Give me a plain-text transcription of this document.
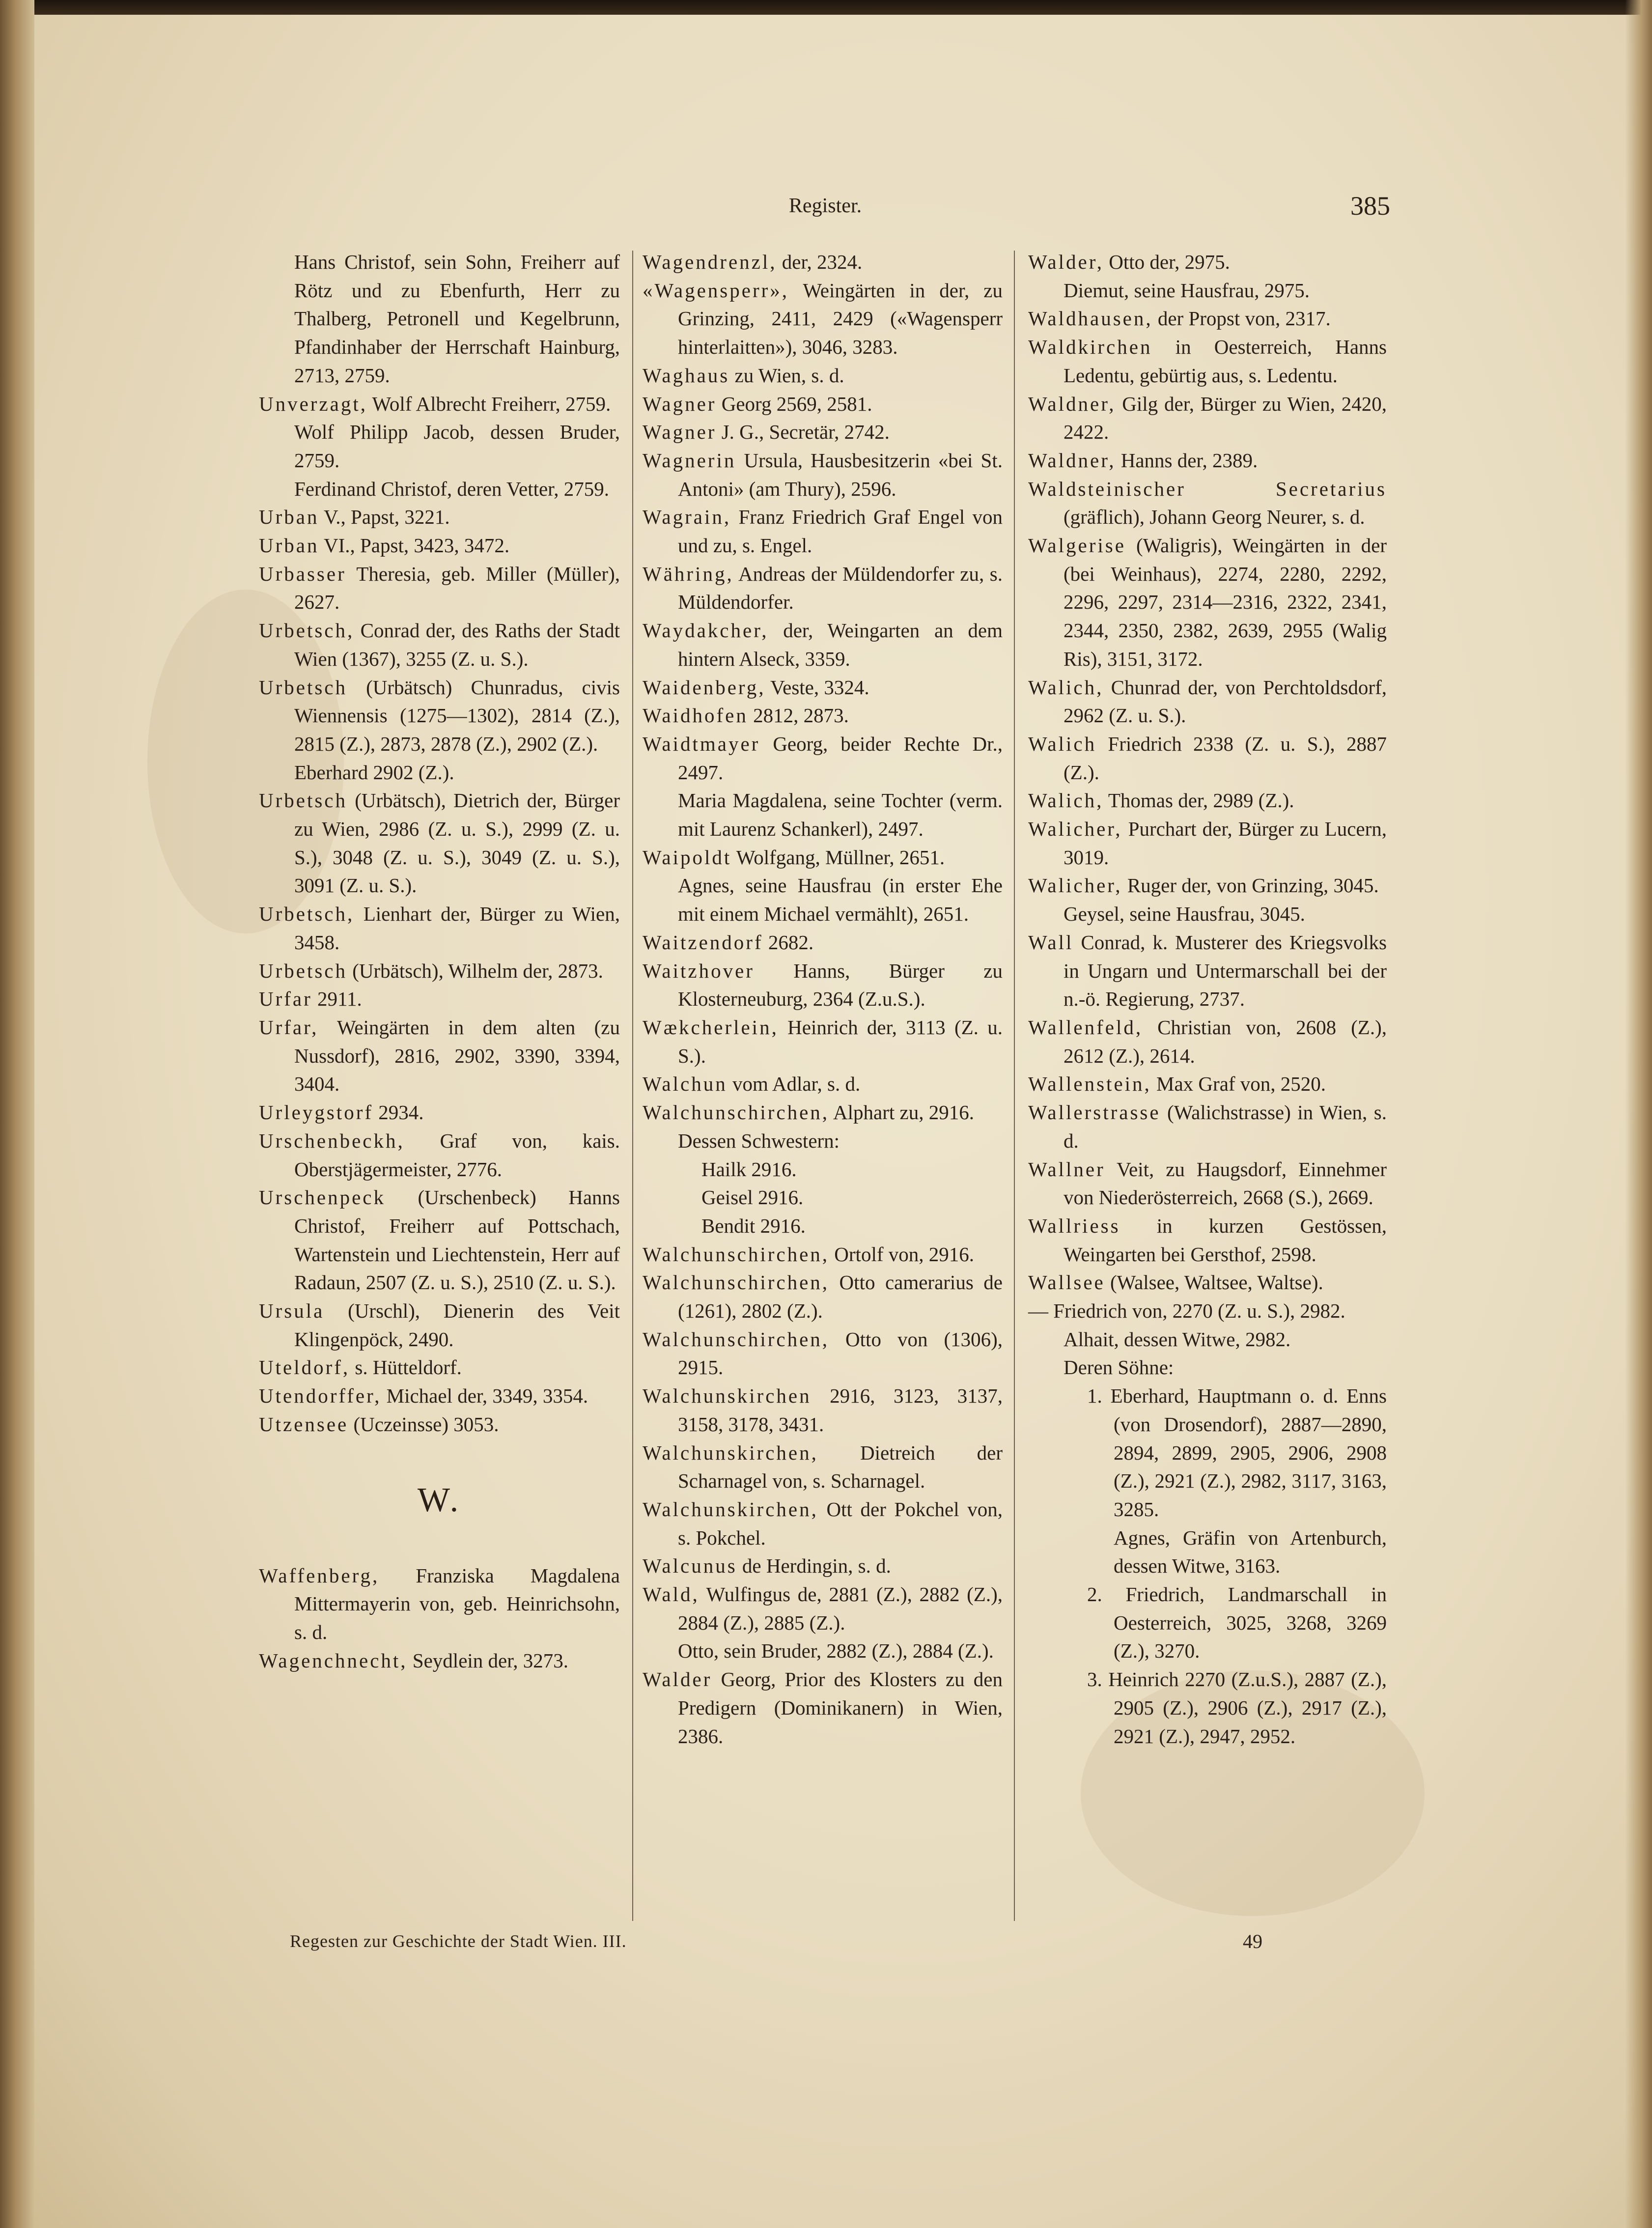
Register.	385
Hans Christof, sein Sohn, Freiherr auf Rötz und zu Ebenfurth, Herr zu Thalberg, Petronell und Kegelbrunn, Pfandinhaber der Herrschaft Hainburg, 2713, 2759.
Unverzagt, Wolf Albrecht Freiherr, 2759.
Wolf Philipp Jacob, dessen Bruder, 2759.
Ferdinand Christof, deren Vetter, 2759.
Urban V., Papst, 3221.
Urban VI., Papst, 3423, 3472.
Urbasser Theresia, geb. Miller (Müller), 2627.
Urbetsch, Conrad der, des Raths der Stadt Wien (1367), 3255 (Z. u. S.).
Urbetsch (Urbätsch) Chunradus, civis Wiennensis (1275—1302), 2814 (Z.), 2815 (Z.), 2873, 2878 (Z.), 2902 (Z.).
Eberhard 2902 (Z.).
Urbetsch (Urbätsch), Dietrich der, Bürger zu Wien, 2986 (Z. u. S.), 2999 (Z. u. S.), 3048 (Z. u. S.), 3049 (Z. u. S.), 3091 (Z. u. S.).
Urbetsch, Lienhart der, Bürger zu Wien, 3458.
Urbetsch (Urbätsch), Wilhelm der, 2873.
Urfar 2911.
Urfar, Weingärten in dem alten (zu Nussdorf), 2816, 2902, 3390, 3394, 3404.
Urleygstorf 2934.
Urschenbeckh, Graf von, kais. Oberstjägermeister, 2776.
Urschenpeck (Urschenbeck) Hanns Christof, Freiherr auf Pottschach, Wartenstein und Liechtenstein, Herr auf Radaun, 2507 (Z. u. S.), 2510 (Z. u. S.).
Ursula (Urschl), Dienerin des Veit Klingenpöck, 2490.
Uteldorf, s. Hütteldorf.
Utendorffer, Michael der, 3349, 3354.
Utzensee (Uczeinsse) 3053.
W.
Waffenberg, Franziska Magdalena Mittermayerin von, geb. Heinrichsohn, s. d.
Wagenchnecht, Seydlein der, 3273.
Wagendrenzl, der, 2324.
«Wagensperr», Weingärten in der, zu Grinzing, 2411, 2429 («Wagensperr hinterlaitten»), 3046, 3283.
Waghaus zu Wien, s. d.
Wagner Georg 2569, 2581.
Wagner J. G., Secretär, 2742.
Wagnerin Ursula, Hausbesitzerin «bei St. Antoni» (am Thury), 2596.
Wagrain, Franz Friedrich Graf Engel von und zu, s. Engel.
Währing, Andreas der Müldendorfer zu, s. Müldendorfer.
Waydakcher, der, Weingarten an dem hintern Alseck, 3359.
Waidenberg, Veste, 3324.
Waidhofen 2812, 2873.
Waidtmayer Georg, beider Rechte Dr., 2497.
Maria Magdalena, seine Tochter (verm. mit Laurenz Schankerl), 2497.
Waipoldt Wolfgang, Müllner, 2651.
Agnes, seine Hausfrau (in erster Ehe mit einem Michael vermählt), 2651.
Waitzendorf 2682.
Waitzhover Hanns, Bürger zu Klosterneuburg, 2364 (Z.u.S.).
Wækcherlein, Heinrich der, 3113 (Z. u. S.).
Walchun vom Adlar, s. d.
Walchunschirchen, Alphart zu, 2916.
Dessen Schwestern:
Hailk 2916.
Geisel 2916.
Bendit 2916.
Walchunschirchen, Ortolf von, 2916.
Walchunschirchen, Otto camerarius de (1261), 2802 (Z.).
Walchunschirchen, Otto von (1306), 2915.
Walchunskirchen 2916, 3123, 3137, 3158, 3178, 3431.
Walchunskirchen, Dietreich der Scharnagel von, s. Scharnagel.
Walchunskirchen, Ott der Pokchel von, s. Pokchel.
Walcunus de Herdingin, s. d.
Wald, Wulfingus de, 2881 (Z.), 2882 (Z.), 2884 (Z.), 2885 (Z.).
Otto, sein Bruder, 2882 (Z.), 2884 (Z.).
Walder Georg, Prior des Klosters zu den Predigern (Dominikanern) in Wien, 2386.
Walder, Otto der, 2975.
Diemut, seine Hausfrau, 2975.
Waldhausen, der Propst von, 2317.
Waldkirchen in Oesterreich, Hanns Ledentu, gebürtig aus, s. Ledentu.
Waldner, Gilg der, Bürger zu Wien, 2420, 2422.
Waldner, Hanns der, 2389.
Waldsteinischer Secretarius (gräflich), Johann Georg Neurer, s. d.
Walgerise (Waligris), Weingärten in der (bei Weinhaus), 2274, 2280, 2292, 2296, 2297, 2314—2316, 2322, 2341, 2344, 2350, 2382, 2639, 2955 (Walig Ris), 3151, 3172.
Walich, Chunrad der, von Perchtoldsdorf, 2962 (Z. u. S.).
Walich Friedrich 2338 (Z. u. S.), 2887 (Z.).
Walich, Thomas der, 2989 (Z.).
Walicher, Purchart der, Bürger zu Lucern, 3019.
Walicher, Ruger der, von Grinzing, 3045.
Geysel, seine Hausfrau, 3045.
Wall Conrad, k. Musterer des Kriegsvolks in Ungarn und Untermarschall bei der n.-ö. Regierung, 2737.
Wallenfeld, Christian von, 2608 (Z.), 2612 (Z.), 2614.
Wallenstein, Max Graf von, 2520.
Wallerstrasse (Walichstrasse) in Wien, s. d.
Wallner Veit, zu Haugsdorf, Einnehmer von Niederösterreich, 2668 (S.), 2669.
Wallriess in kurzen Gestössen, Weingarten bei Gersthof, 2598.
Wallsee (Walsee, Waltsee, Waltse).
— Friedrich von, 2270 (Z. u. S.), 2982.
Alhait, dessen Witwe, 2982.
Deren Söhne:
1. Eberhard, Hauptmann o. d. Enns (von Drosendorf), 2887—2890, 2894, 2899, 2905, 2906, 2908 (Z.), 2921 (Z.), 2982, 3117, 3163, 3285.
Agnes, Gräfin von Artenburch, dessen Witwe, 3163.
2. Friedrich, Landmarschall in Oesterreich, 3025, 3268, 3269 (Z.), 3270.
3. Heinrich 2270 (Z.u.S.), 2887 (Z.), 2905 (Z.), 2906 (Z.), 2917 (Z.), 2921 (Z.), 2947, 2952.
Regesten zur Geschichte der Stadt Wien. III.	49
